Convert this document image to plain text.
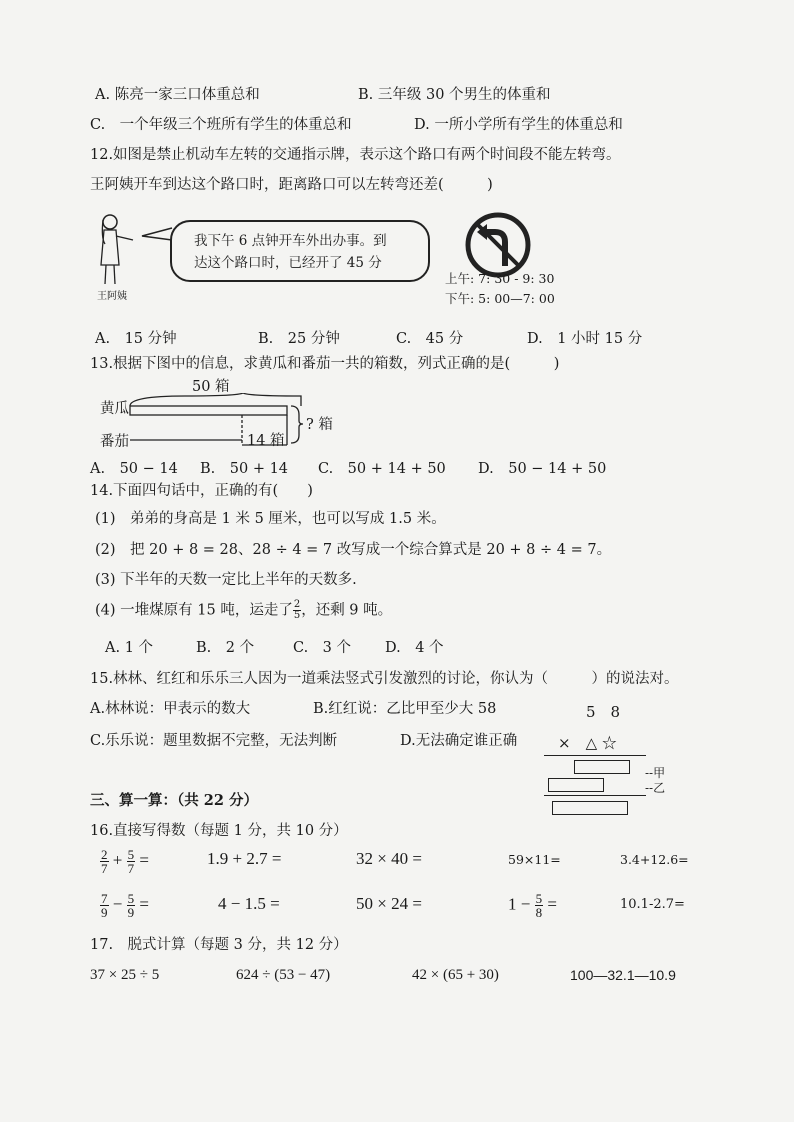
A. 陈亮一家三口体重总和	B. 三年级 30 个男生的体重和
C.　一个年级三个班所有学生的体重总和	D. 一所小学所有学生的体重总和
12.如图是禁止机动车左转的交通指示牌，表示这个路口有两个时间段不能左转弯。
王阿姨开车到达这个路口时，距离路口可以左转弯还差(　　　)
王阿姨
我下午 6 点钟开车外出办事。到
达这个路口时，已经开了 45 分
上午: 7: 30 - 9: 30
下午: 5: 00—7: 00
A.　15 分钟	B.　25 分钟	C.　45 分	D.　1 小时 15 分
13.根据下图中的信息，求黄瓜和番茄一共的箱数，列式正确的是(　　　)
50 箱
黄瓜
番茄	14 箱
? 箱
A.　50 − 14 B.　50 + 14 C.　50 + 14 + 50 D.　50 − 14 + 50
14.下面四句话中，正确的有(　　)
(1)　弟弟的身高是 1 米 5 厘米，也可以写成 1.5 米。
(2)　把 20 + 8 = 28、28 ÷ 4 = 7 改写成一个综合算式是 20 + 8 ÷ 4 = 7。
(3) 下半年的天数一定比上半年的天数多.
(4) 一堆煤原有 15 吨，运走了 $\frac{2}{5}$ ，还剩 9 吨。
A. 1 个	B.　2 个	C.　3 个 D.　4 个
15.林林、红红和乐乐三人因为一道乘法竖式引发激烈的讨论，你认为（　　　）的说法对。
A.林林说：甲表示的数大	B.红红说：乙比甲至少大 58
C.乐乐说：题里数据不完整，无法判断	D.无法确定谁正确
5　8
×　△ ☆
--甲
--乙
三、算一算：（共 22 分）
16.直接写得数（每题 1 分，共 10 分）
$\frac{2}{7} + \frac{5}{7}$ =	1.9 + 2.7 =	32 × 40 =	59×11=	3.4+12.6=
$\frac{7}{9} - \frac{5}{9}$ =	4 − 1.5 =	50 × 24 =	$1 - \frac{5}{8}$ =	10.1-2.7=
17.　脱式计算（每题 3 分，共 12 分）
37 × 25 ÷ 5	624 ÷ (53 − 47)	42 × (65 + 30)	100—32.1—10.9
